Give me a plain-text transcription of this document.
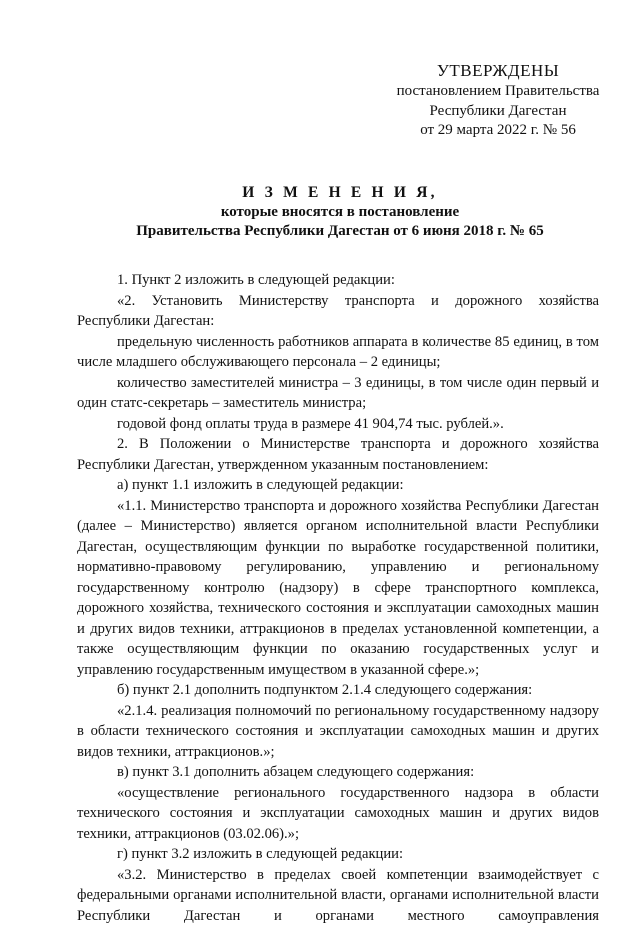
УТВЕРЖДЕНЫ
постановлением Правительства
Республики Дагестан
от 29 марта 2022 г. № 56
И З М Е Н Е Н И Я,
которые вносятся в постановление
Правительства Республики Дагестан от 6 июня 2018 г. № 65

1. Пункт 2 изложить в следующей редакции:

«2. Установить Министерству транспорта и дорожного хозяйства Республики Дагестан:

предельную численность работников аппарата в количестве 85 единиц, в том числе младшего обслуживающего персонала – 2 единицы;

количество заместителей министра – 3 единицы, в том числе один первый и один статс-секретарь – заместитель министра;

годовой фонд оплаты труда в размере 41 904,74 тыс. рублей.».

2. В Положении о Министерстве транспорта и дорожного хозяйства Республики Дагестан, утвержденном указанным постановлением:

а) пункт 1.1 изложить в следующей редакции:

«1.1. Министерство транспорта и дорожного хозяйства Республики Дагестан (далее – Министерство) является органом исполнительной власти Республики Дагестан, осуществляющим функции по выработке государственной политики, нормативно-правовому регулированию, управлению и региональному государственному контролю (надзору) в сфере транспортного комплекса, дорожного хозяйства, технического состояния и эксплуатации самоходных машин и других видов техники, аттракционов в пределах установленной компетенции, а также осуществляющим функции по оказанию государственных услуг и управлению государственным имуществом в указанной сфере.»;

б) пункт 2.1 дополнить подпунктом 2.1.4 следующего содержания:

«2.1.4. реализация полномочий по региональному государственному надзору в области технического состояния и эксплуатации самоходных машин и других видов техники, аттракционов.»;

в) пункт 3.1 дополнить абзацем следующего содержания:

«осуществление регионального государственного надзора в области технического состояния и эксплуатации самоходных машин и других видов техники, аттракционов (03.02.06).»;

г) пункт 3.2 изложить в следующей редакции:

«3.2. Министерство в пределах своей компетенции взаимодействует с федеральными органами исполнительной власти, органами исполнительной власти Республики Дагестан и органами местного самоуправления
